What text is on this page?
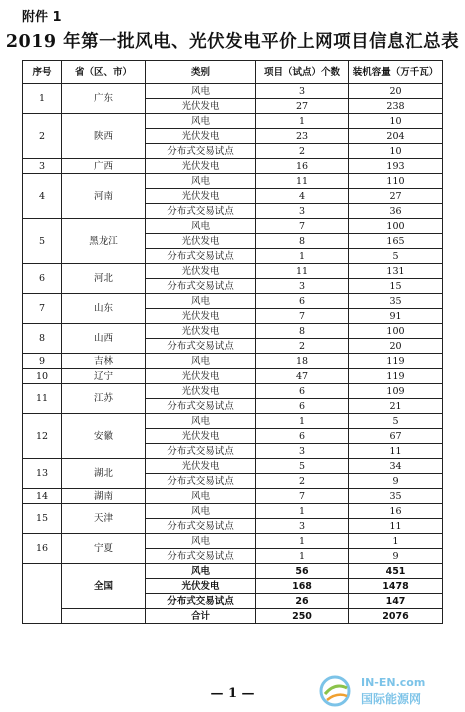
附件 1
2019 年第一批风电、光伏发电平价上网项目信息汇总表
序号	省（区、市）	类别	项目（试点）个数	装机容量（万千瓦）
1	广东	风电	3	20
		光伏发电	27	238
2	陕西	风电	1	10
		光伏发电	23	204
		分布式交易试点	2	10
3	广西	光伏发电	16	193
4	河南	风电	11	110
		光伏发电	4	27
		分布式交易试点	3	36
5	黑龙江	风电	7	100
		光伏发电	8	165
		分布式交易试点	1	5
6	河北	光伏发电	11	131
		分布式交易试点	3	15
7	山东	风电	6	35
		光伏发电	7	91
8	山西	光伏发电	8	100
		分布式交易试点	2	20
9	吉林	风电	18	119
10	辽宁	光伏发电	47	119
11	江苏	光伏发电	6	109
		分布式交易试点	6	21
12	安徽	风电	1	5
		光伏发电	6	67
		分布式交易试点	3	11
13	湖北	光伏发电	5	34
		分布式交易试点	2	9
14	湖南	风电	7	35
15	天津	风电	1	16
		分布式交易试点	3	11
16	宁夏	风电	1	1
		分布式交易试点	1	9
	全国	风电	56	451
		光伏发电	168	1478
		分布式交易试点	26	147
		合计	250	2076
— 1 —
IN-EN.com
国际能源网
